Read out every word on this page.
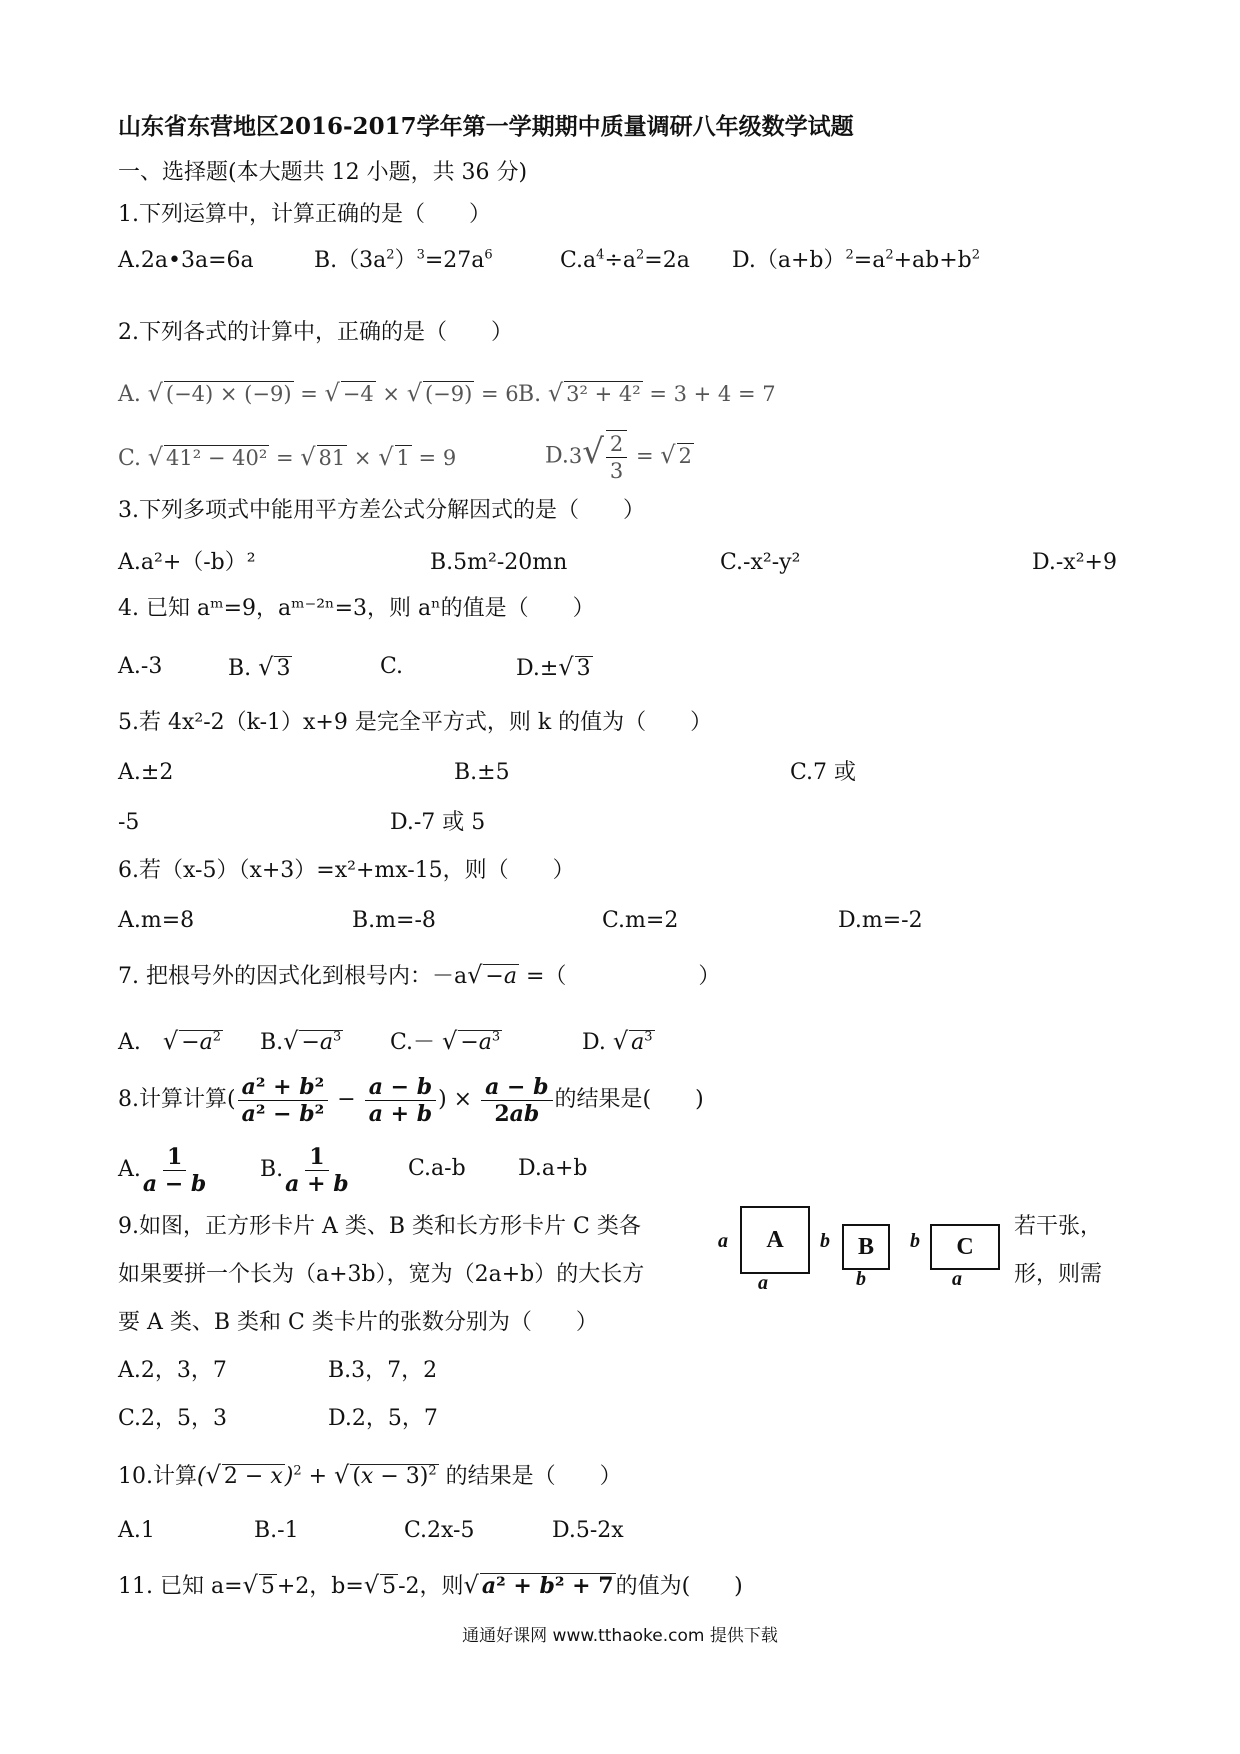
山东省东营地区2016-2017学年第一学期期中质量调研八年级数学试题
一、选择题(本大题共 12 小题，共 36 分)
1.下列运算中，计算正确的是（　　）
A.2a•3a=6a	$B.(3a^2)^3=27a^6$	$C.a^4\div a^2=2a$ $D.(a+b)^2=a^2+ab+b^2$
2.下列各式的计算中，正确的是（　　）
A. √ (−4) × (−9) = √ −4 × √ (−9) = 6 B. √ 3² + 4² = 3 + 4 = 7
C. √ 41² − 40² = √ 81 × √ 1 = 9	$D.3√ \frac{2}{3}$ = √ 2
3.下列多项式中能用平方差公式分解因式的是（　　）
A.a²+（-b）²	B.5m²-20mn	C.-x²-y²	D.-x²+9
4. 已知 aᵐ=9，aᵐ⁻²ⁿ=3，则 aⁿ的值是（　　）
A.-3	B. √ 3	C.	D.±√ 3
5.若 4x²-2（k-1）x+9 是完全平方式，则 k 的值为（　　）
A.±2	B.±5	C.7 或
-5	D.-7 或 5
6.若（x-5）（x+3）=x²+mx-15，则（　　）
A.m=8	B.m=-8	C.m=2	D.m=-2
7. 把根号外的因式化到根号内：－a√ −a =（　　　　　　）
A.　 √ $-a^2$ $B.√ -a^3$ C.－ √ $-a^3$	D. √ $a^3$
8.计算计算( $\frac{\text{a² + b²}}{\text{a² − b²}} - \frac{a - b}{a + b}$ ) × $\frac{a - b}{2ab}$ 的结果是(　　)
A. $\frac{1}{a - b} B$. $\frac{1}{a + b}$	C.a-b D.a+b
9.如图，正方形卡片 A 类、B 类和长方形卡片 C 类各	若干张，
如果要拼一个长为（a+3b），宽为（2a+b）的大长方	形，则需
要 A 类、B 类和 C 类卡片的张数分别为（　　）
a	A
a
b	B
b
b	C
a
A.2，3，7	B.3，7，2
C.2，5，3	D.2，5，7
10.计算(√ 2 − x)$^2$ + √ $(x - 3)^2$ 的结果是（　　）
A.1	B.-1	C.2x-5	D.5-2x
11. 已知 a=√ 5+2，b=√ 5-2，则√ a² + b² + 7的值为(　　)
通通好课网 www.tthaoke.com 提供下载
